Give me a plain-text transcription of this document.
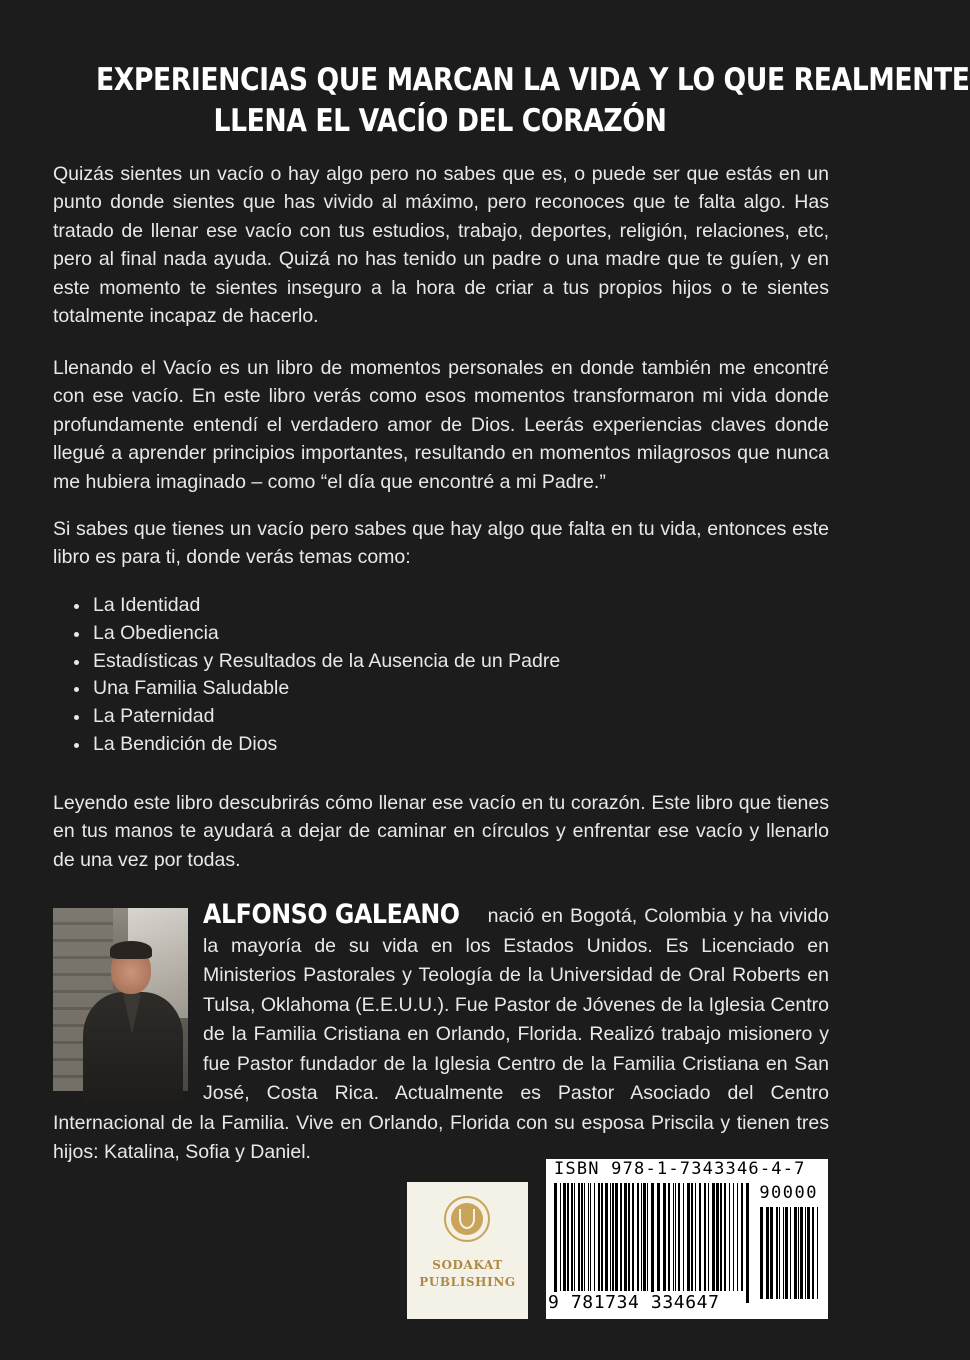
EXPERIENCIAS QUE MARCAN LA VIDA Y LO QUE REALMENTE
LLENA EL VACÍO DEL CORAZÓN

Quizás sientes un vacío o hay algo pero no sabes que es, o puede ser que estás en un punto donde sientes que has vivido al máximo, pero reconoces que te falta algo. Has tratado de llenar ese vacío con tus estudios, trabajo, deportes, religión, relaciones, etc, pero al final nada ayuda. Quizá no has tenido un padre o una madre que te guíen, y en este momento te sientes inseguro a la hora de criar a tus propios hijos o te sientes totalmente incapaz de hacerlo.

Llenando el Vacío es un libro de momentos personales en donde también me encontré con ese vacío. En este libro verás como esos momentos transformaron mi vida donde profundamente entendí el verdadero amor de Dios. Leerás experiencias claves donde llegué a aprender principios importantes, resultando en momentos milagrosos que nunca me hubiera imaginado – como “el día que encontré a mi Padre.”

Si sabes que tienes un vacío pero sabes que hay algo que falta en tu vida, entonces este libro es para ti, donde verás temas como:

La Identidad
La Obediencia
Estadísticas y Resultados de la Ausencia de un Padre
Una Familia Saludable
La Paternidad
La Bendición de Dios

Leyendo este libro descubrirás cómo llenar ese vacío en tu corazón. Este libro que tienes en tus manos te ayudará a dejar de caminar en círculos y enfrentar ese vacío y llenarlo de una vez por todas.

ALFONSO GALEANO nació en Bogotá, Colombia y ha vivido la mayoría de su vida en los Estados Unidos. Es Licenciado en Ministerios Pastorales y Teología de la Universidad de Oral Roberts en Tulsa, Oklahoma (E.E.U.U.). Fue Pastor de Jóvenes de la Iglesia Centro de la Familia Cristiana en Orlando, Florida. Realizó trabajo misionero y fue Pastor fundador de la Iglesia Centro de la Familia Cristiana en San José, Costa Rica. Actualmente es Pastor Asociado del Centro Internacional de la Familia. Vive en Orlando, Florida con su esposa Priscila y tienen tres hijos: Katalina, Sofia y Daniel.

SODAKAT
PUBLISHING
ISBN 978-1-7343346-4-7
90000
9 781734 334647
